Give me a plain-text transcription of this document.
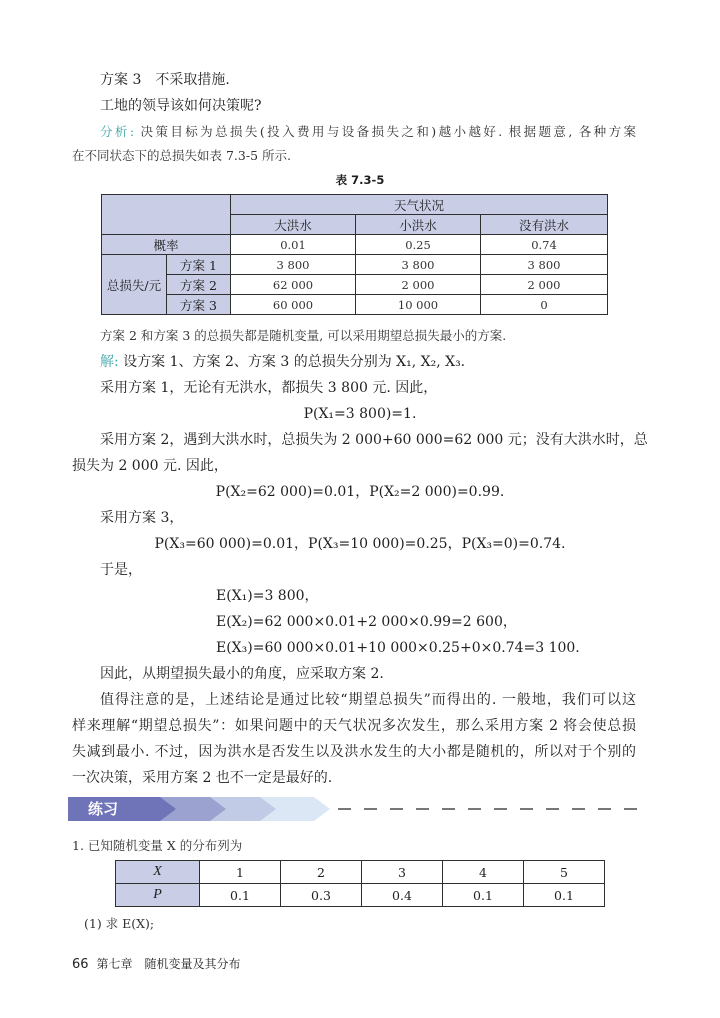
方案 3　不采取措施.
工地的领导该如何决策呢?
分析: 决策目标为总损失(投入费用与设备损失之和)越小越好. 根据题意, 各种方案
在不同状态下的总损失如表 7.3-5 所示.
表 7.3-5
		天气状况		
		大洪水	小洪水	没有洪水
概率		0.01	0.25	0.74
总损失/元	方案 1	3 800	3 800	3 800
	方案 2	62 000	2 000	2 000
	方案 3	60 000	10 000	0
方案 2 和方案 3 的总损失都是随机变量, 可以采用期望总损失最小的方案.
解: 设方案 1、方案 2、方案 3 的总损失分别为 X₁, X₂, X₃.
采用方案 1，无论有无洪水，都损失 3 800 元. 因此，
P(X₁=3 800)=1.
采用方案 2，遇到大洪水时，总损失为 2 000+60 000=62 000 元；没有大洪水时，总
损失为 2 000 元. 因此，
P(X₂=62 000)=0.01，P(X₂=2 000)=0.99.
采用方案 3，
P(X₃=60 000)=0.01，P(X₃=10 000)=0.25，P(X₃=0)=0.74.
于是，
E(X₁)=3 800，
E(X₂)=62 000×0.01+2 000×0.99=2 600，
E(X₃)=60 000×0.01+10 000×0.25+0×0.74=3 100.
因此，从期望损失最小的角度，应采取方案 2.
值得注意的是，上述结论是通过比较“期望总损失”而得出的. 一般地，我们可以这
样来理解“期望总损失”：如果问题中的天气状况多次发生，那么采用方案 2 将会使总损
失减到最小. 不过，因为洪水是否发生以及洪水发生的大小都是随机的，所以对于个别的
一次决策，采用方案 2 也不一定是最好的.
练习
1. 已知随机变量 X 的分布列为
X	1	2	3	4	5
P	0.1	0.3	0.4	0.1	0.1
(1) 求 E(X);
66 第七章　随机变量及其分布
